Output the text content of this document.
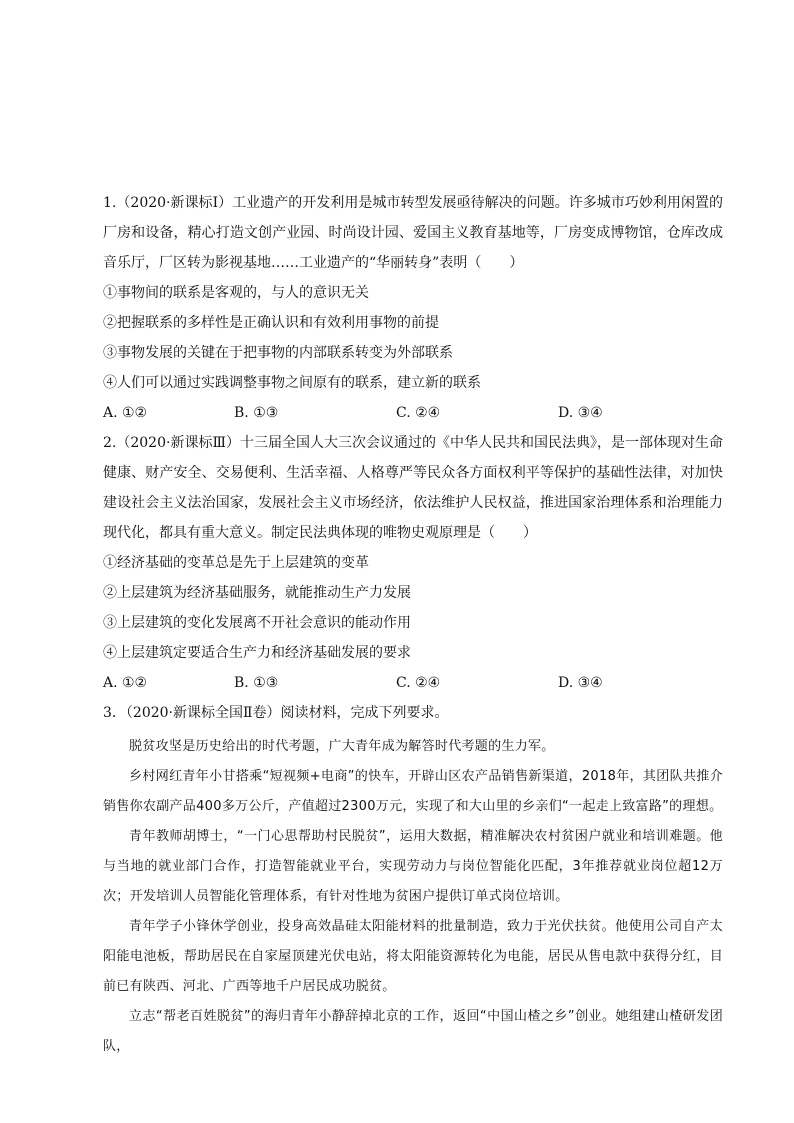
1.（2020·新课标Ⅰ）工业遗产的开发利用是城市转型发展亟待解决的问题。许多城市巧妙利用闲置的厂房和设备，精心打造文创产业园、时尚设计园、爱国主义教育基地等，厂房变成博物馆，仓库改成音乐厅，厂区转为影视基地……工业遗产的“华丽转身”表明（　　）

①事物间的联系是客观的，与人的意识无关

②把握联系的多样性是正确认识和有效利用事物的前提

③事物发展的关键在于把事物的内部联系转变为外部联系

④人们可以通过实践调整事物之间原有的联系，建立新的联系

A. ①②	B. ①③	C. ②④	D. ③④

2.（2020·新课标Ⅲ）十三届全国人大三次会议通过的《中华人民共和国民法典》，是一部体现对生命健康、财产安全、交易便利、生活幸福、人格尊严等民众各方面权利平等保护的基础性法律，对加快建设社会主义法治国家，发展社会主义市场经济，依法维护人民权益，推进国家治理体系和治理能力现代化，都具有重大意义。制定民法典体现的唯物史观原理是（　　）

①经济基础的变革总是先于上层建筑的变革

②上层建筑为经济基础服务，就能推动生产力发展

③上层建筑的变化发展离不开社会意识的能动作用

④上层建筑定要适合生产力和经济基础发展的要求

A. ①②	B. ①③	C. ②④	D. ③④

3．（2020·新课标全国Ⅱ卷）阅读材料，完成下列要求。

脱贫攻坚是历史给出的时代考题，广大青年成为解答时代考题的生力军。

乡村网红青年小甘搭乘“短视频+电商”的快车，开辟山区农产品销售新渠道，2018年，其团队共推介销售你农副产品400多万公斤，产值超过2300万元，实现了和大山里的乡亲们“一起走上致富路”的理想。

青年教师胡博士，“一门心思帮助村民脱贫”，运用大数据，精准解决农村贫困户就业和培训难题。他与当地的就业部门合作，打造智能就业平台，实现劳动力与岗位智能化匹配，3年推荐就业岗位超12万次；开发培训人员智能化管理体系，有针对性地为贫困户提供订单式岗位培训。

青年学子小锋休学创业，投身高效晶硅太阳能材料的批量制造，致力于光伏扶贫。他使用公司自产太阳能电池板，帮助居民在自家屋顶建光伏电站，将太阳能资源转化为电能，居民从售电款中获得分红，目前已有陕西、河北、广西等地千户居民成功脱贫。

立志“帮老百姓脱贫”的海归青年小静辞掉北京的工作，返回“中国山楂之乡”创业。她组建山楂研发团队，
